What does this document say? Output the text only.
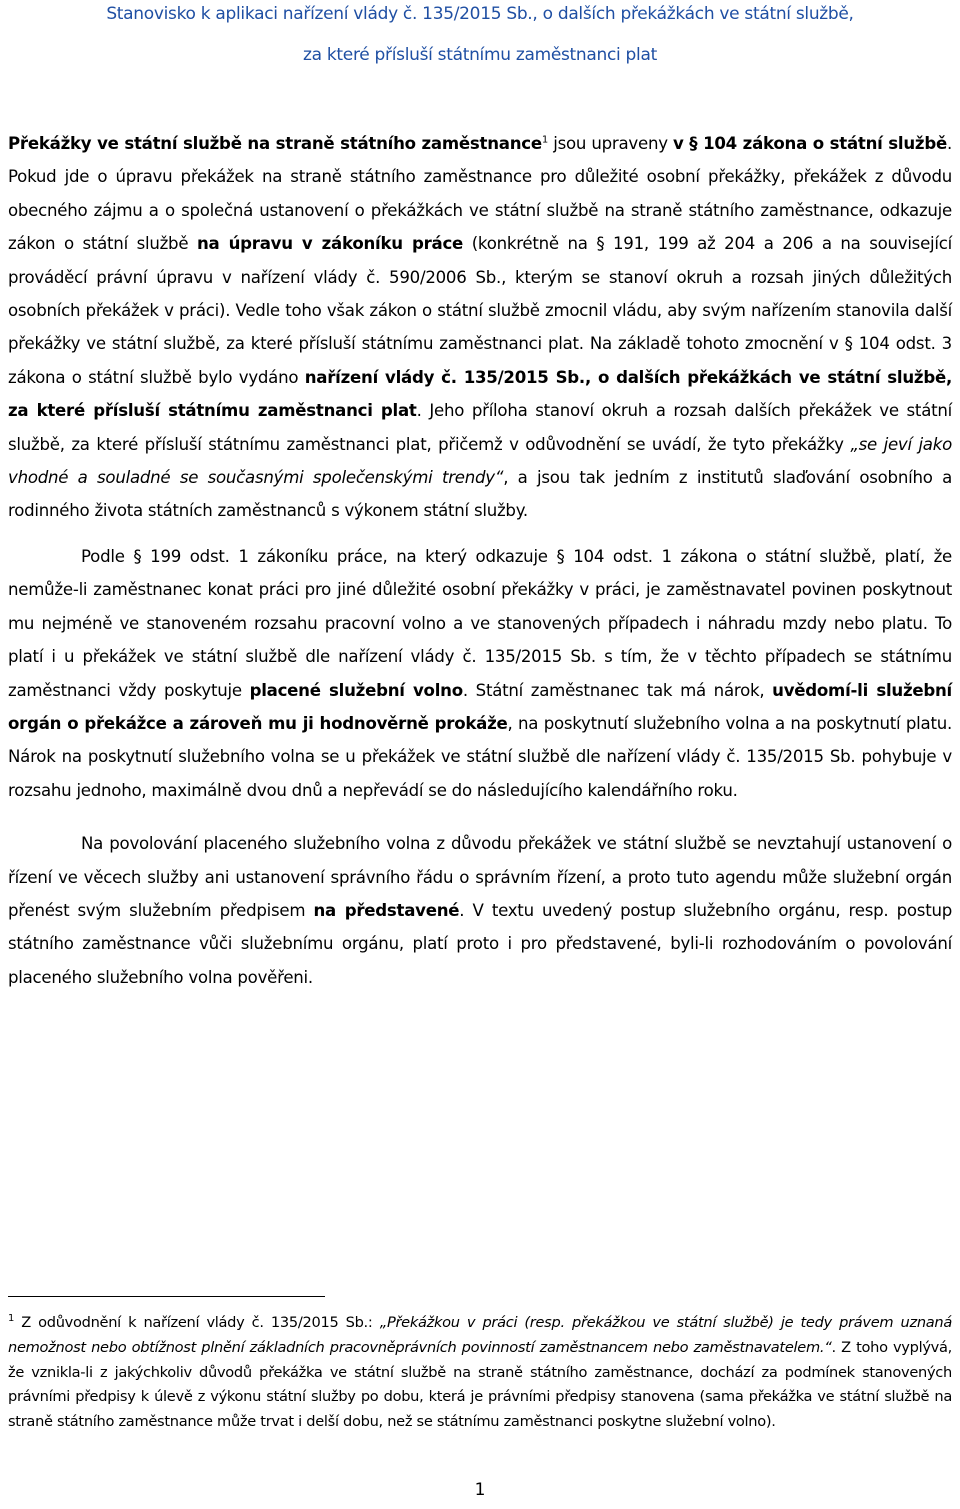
Stanovisko k aplikaci nařízení vlády č. 135/2015 Sb., o dalších překážkách ve státní službě,
za které přísluší státnímu zaměstnanci plat

Překážky ve státní službě na straně státního zaměstnance$^1$ jsou upraveny v § 104 zákona o státní službě. Pokud jde o úpravu překážek na straně státního zaměstnance pro důležité osobní překážky, překážek z důvodu obecného zájmu a o společná ustanovení o překážkách ve státní službě na straně státního zaměstnance, odkazuje zákon o státní službě na úpravu v zákoníku práce (konkrétně na § 191, 199 až 204 a 206 a na související prováděcí právní úpravu v nařízení vlády č. 590/2006 Sb., kterým se stanoví okruh a rozsah jiných důležitých osobních překážek v práci). Vedle toho však zákon o státní službě zmocnil vládu, aby svým nařízením stanovila další překážky ve státní službě, za které přísluší státnímu zaměstnanci plat. Na základě tohoto zmocnění v § 104 odst. 3 zákona o státní službě bylo vydáno nařízení vlády č. 135/2015 Sb., o dalších překážkách ve státní službě, za které přísluší státnímu zaměstnanci plat. Jeho příloha stanoví okruh a rozsah dalších překážek ve státní službě, za které přísluší státnímu zaměstnanci plat, přičemž v odůvodnění se uvádí, že tyto překážky „se jeví jako vhodné a souladné se současnými společenskými trendy“, a jsou tak jedním z institutů slaďování osobního a rodinného života státních zaměstnanců s výkonem státní služby.

Podle § 199 odst. 1 zákoníku práce, na který odkazuje § 104 odst. 1 zákona o státní službě, platí, že nemůže-li zaměstnanec konat práci pro jiné důležité osobní překážky v práci, je zaměstnavatel povinen poskytnout mu nejméně ve stanoveném rozsahu pracovní volno a ve stanovených případech i náhradu mzdy nebo platu. To platí i u překážek ve státní službě dle nařízení vlády č. 135/2015 Sb. s tím, že v těchto případech se státnímu zaměstnanci vždy poskytuje placené služební volno. Státní zaměstnanec tak má nárok, uvědomí-li služební orgán o překážce a zároveň mu ji hodnověrně prokáže, na poskytnutí služebního volna a na poskytnutí platu. Nárok na poskytnutí služebního volna se u překážek ve státní službě dle nařízení vlády č. 135/2015 Sb. pohybuje v rozsahu jednoho, maximálně dvou dnů a nepřevádí se do následujícího kalendářního roku.

Na povolování placeného služebního volna z důvodu překážek ve státní službě se nevztahují ustanovení o řízení ve věcech služby ani ustanovení správního řádu o správním řízení, a proto tuto agendu může služební orgán přenést svým služebním předpisem na představené. V textu uvedený postup služebního orgánu, resp. postup státního zaměstnance vůči služebnímu orgánu, platí proto i pro představené, byli-li rozhodováním o povolování placeného služebního volna pověřeni.

$^1$ Z odůvodnění k nařízení vlády č. 135/2015 Sb.: „Překážkou v práci (resp. překážkou ve státní službě) je tedy právem uznaná nemožnost nebo obtížnost plnění základních pracovněprávních povinností zaměstnancem nebo zaměstnavatelem.“. Z toho vyplývá, že vznikla-li z jakýchkoliv důvodů překážka ve státní službě na straně státního zaměstnance, dochází za podmínek stanovených právními předpisy k úlevě z výkonu státní služby po dobu, která je právními předpisy stanovena (sama překážka ve státní službě na straně státního zaměstnance může trvat i delší dobu, než se státnímu zaměstnanci poskytne služební volno).

1
